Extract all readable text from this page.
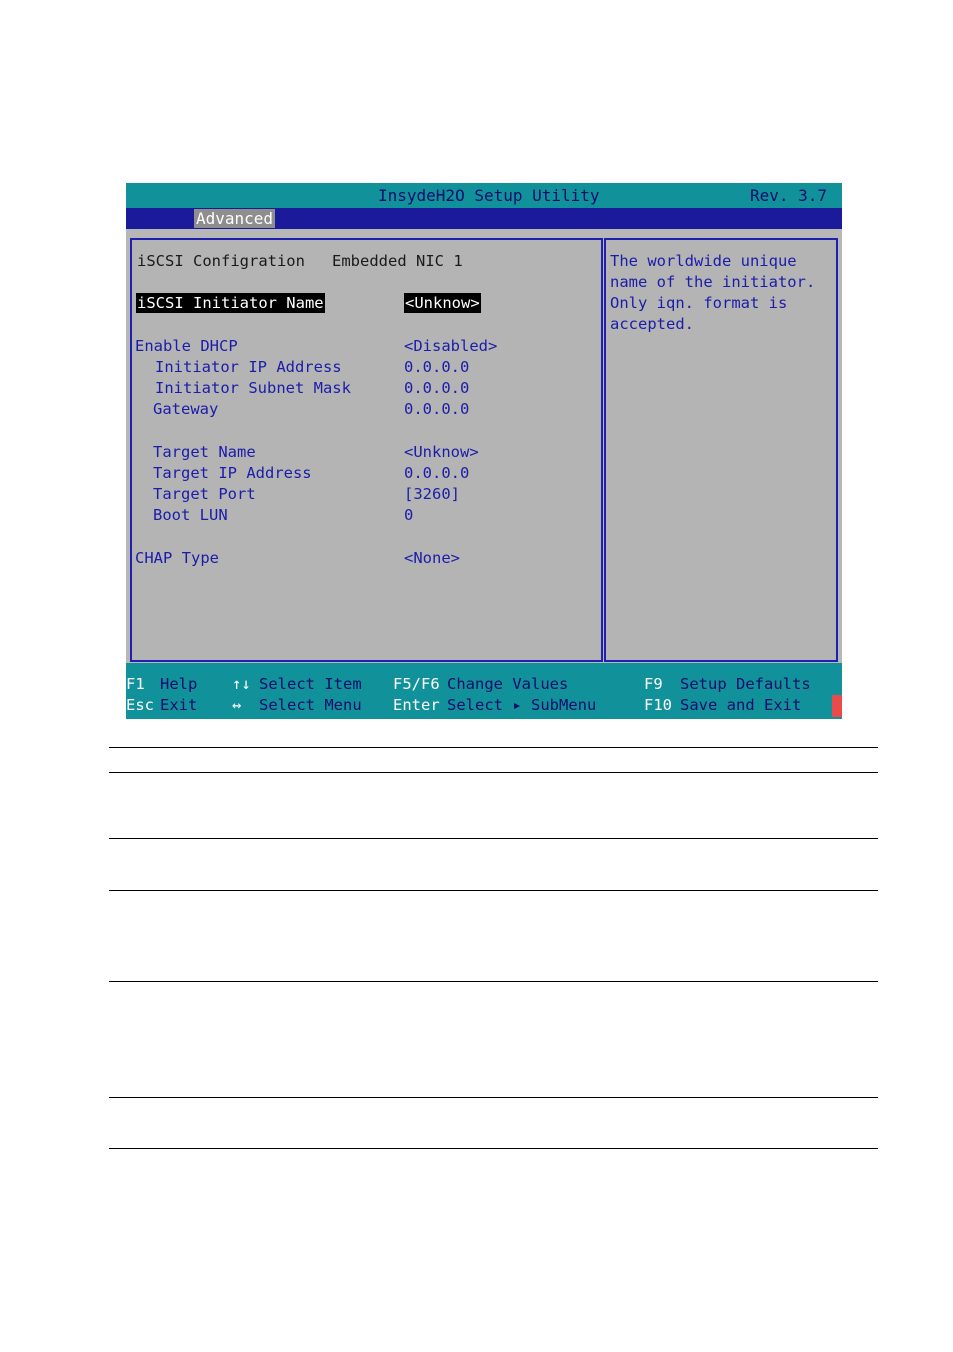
InsydeH2O Setup Utility	Rev. 3.7
Advanced
iSCSI Configration Embedded NIC 1
iSCSI Initiator Name	<Unknow>
Enable DHCP	<Disabled>
Initiator IP Address	0.0.0.0
Initiator Subnet Mask	0.0.0.0
Gateway	0.0.0.0
Target Name	<Unknow>
Target IP Address	0.0.0.0
Target Port	[3260]
Boot LUN	0
CHAP Type	<None>
The worldwide unique
name of the initiator.
Only iqn. format is
accepted.
F1 Help
Esc Exit
↑↓ Select Item
↔ Select Menu
F5/F6 Change Values
Enter Select ▸ SubMenu
F9 Setup Defaults
F10 Save and Exit
